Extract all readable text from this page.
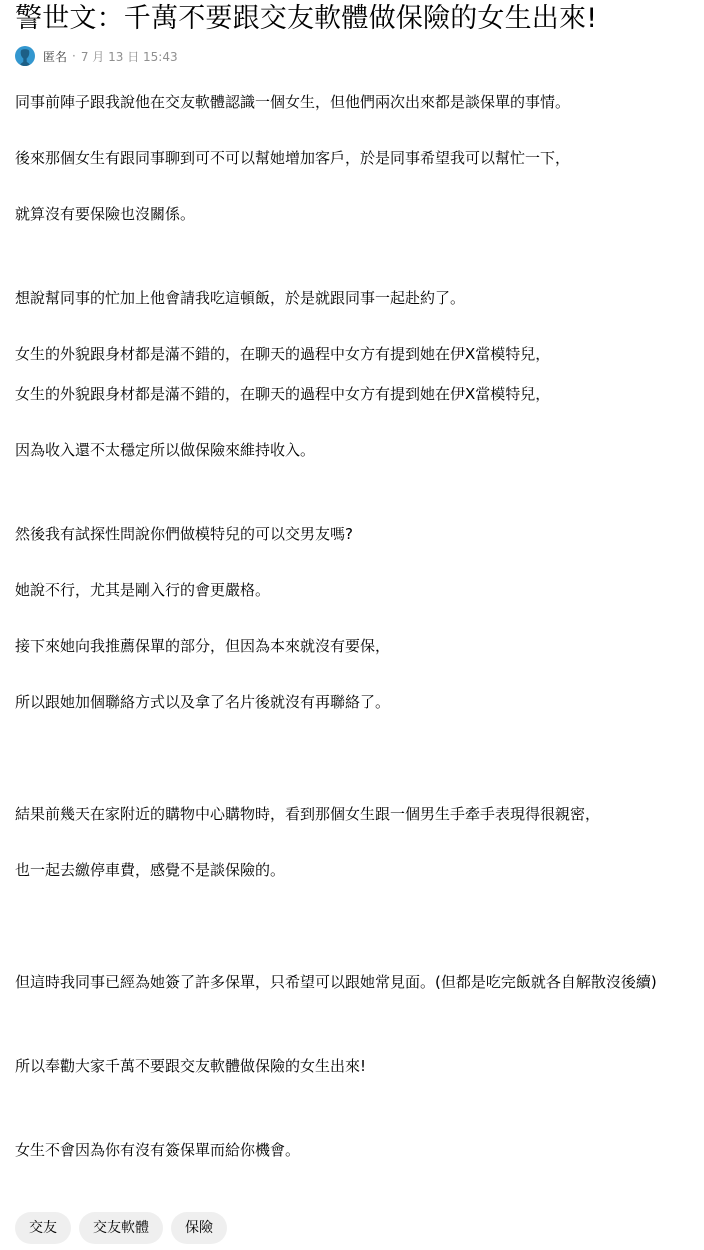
警世文：千萬不要跟交友軟體做保險的女生出來!
匿名 · 7 月 13 日 15:43

同事前陣子跟我說他在交友軟體認識一個女生，但他們兩次出來都是談保單的事情。

後來那個女生有跟同事聊到可不可以幫她增加客戶，於是同事希望我可以幫忙一下，

就算沒有要保險也沒關係。

想說幫同事的忙加上他會請我吃這頓飯，於是就跟同事一起赴約了。

女生的外貌跟身材都是滿不錯的，在聊天的過程中女方有提到她在伊X當模特兒，

女生的外貌跟身材都是滿不錯的，在聊天的過程中女方有提到她在伊X當模特兒，

因為收入還不太穩定所以做保險來維持收入。

然後我有試探性問說你們做模特兒的可以交男友嗎?

她說不行，尤其是剛入行的會更嚴格。

接下來她向我推薦保單的部分，但因為本來就沒有要保，

所以跟她加個聯絡方式以及拿了名片後就沒有再聯絡了。

結果前幾天在家附近的購物中心購物時，看到那個女生跟一個男生手牽手表現得很親密，

也一起去繳停車費，感覺不是談保險的。

但這時我同事已經為她簽了許多保單，只希望可以跟她常見面。(但都是吃完飯就各自解散沒後續)

所以奉勸大家千萬不要跟交友軟體做保險的女生出來!

女生不會因為你有沒有簽保單而給你機會。

交友	交友軟體	保險
